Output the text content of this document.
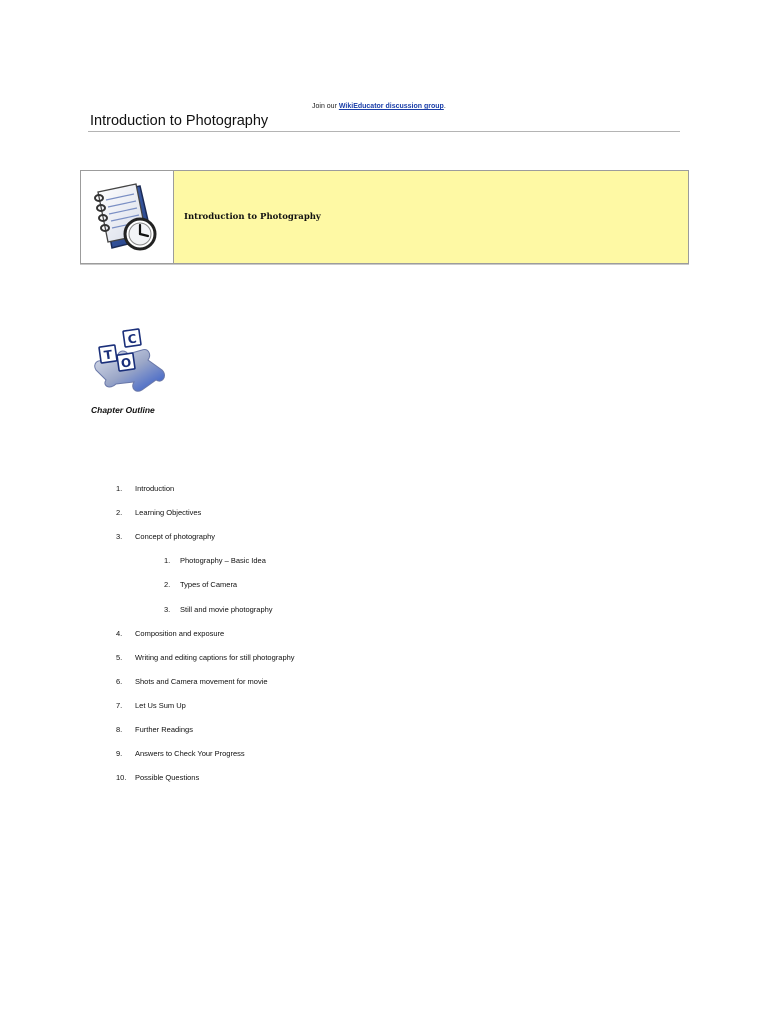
Join our WikiEducator discussion group.
Introduction to Photography
Introduction to Photography
T
O
C
Chapter Outline
1. Introduction
2. Learning Objectives
3. Concept of photography
1. Photography – Basic Idea
2. Types of Camera
3. Still and movie photography
4. Composition and exposure
5. Writing and editing captions for still photography
6. Shots and Camera movement for movie
7. Let Us Sum Up
8. Further Readings
9. Answers to Check Your Progress
10. Possible Questions
